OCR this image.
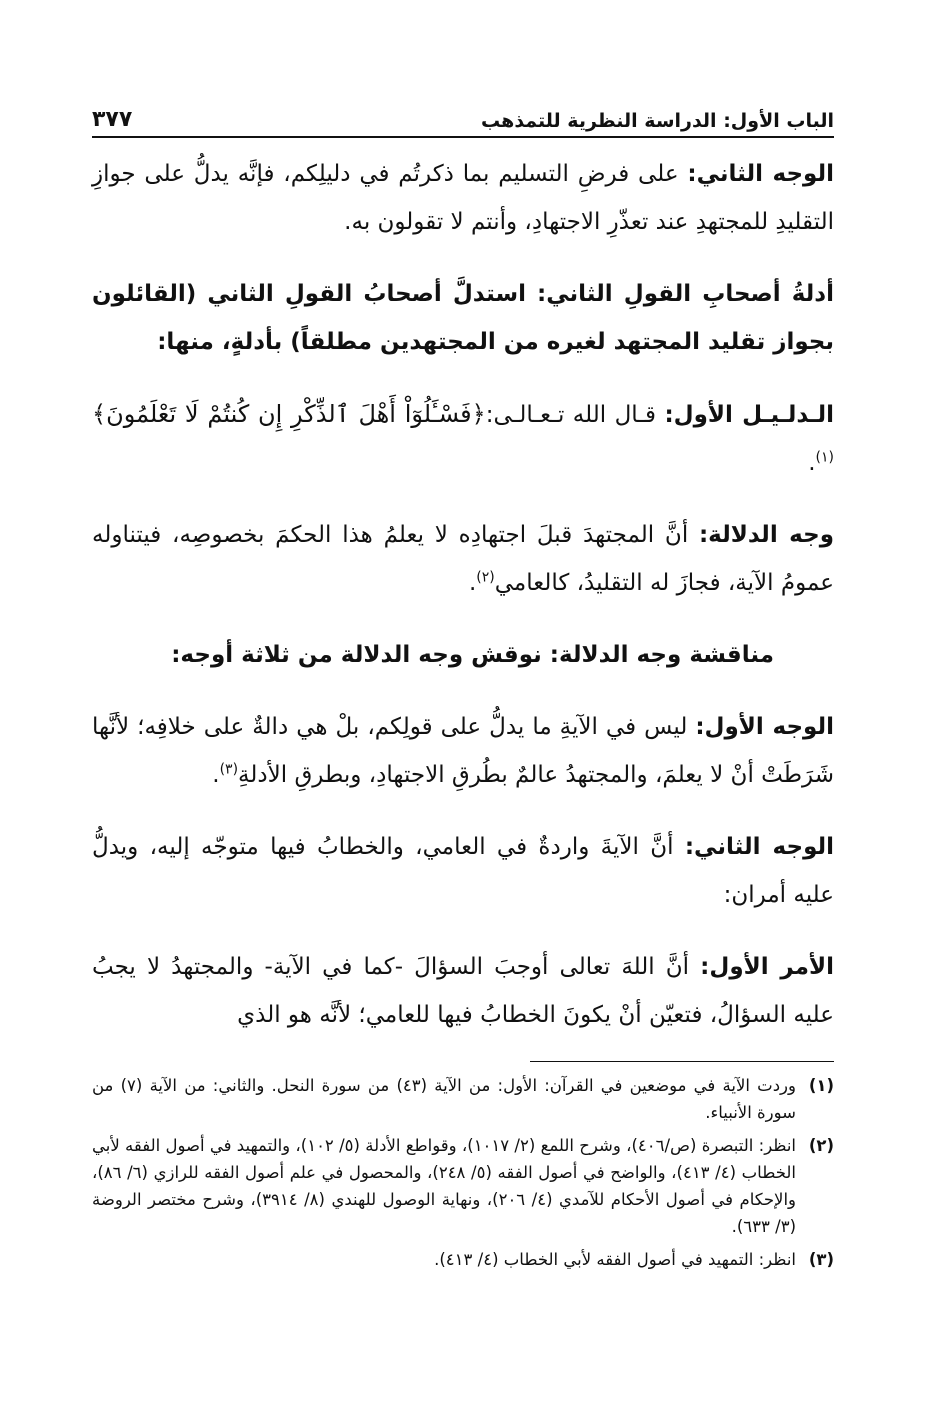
الباب الأول: الدراسة النظرية للتمذهب
٣٧٧

الوجه الثاني: على فرضِ التسليم بما ذكرتُم في دليلِكم، فإنَّه يدلُّ على جوازِ التقليدِ للمجتهدِ عند تعذّرِ الاجتهادِ، وأنتم لا تقولون به.

أدلةُ أصحابِ القولِ الثاني: استدلَّ أصحابُ القولِ الثاني (القائلون بجواز تقليد المجتهد لغيره من المجتهدين مطلقاً) بأدلةٍ، منها:

الـدلـيـل الأول: قـال الله تـعـالـى:﴿فَسْـَٔلُوٓاْ أَهْلَ ٱلذِّكْرِ إِن كُنتُمْ لَا تَعْلَمُونَ﴾$^{(١)}$.

وجه الدلالة: أنَّ المجتهدَ قبلَ اجتهادِه لا يعلمُ هذا الحكمَ بخصوصِه، فيتناوله عمومُ الآية، فجازَ له التقليدُ، كالعامي$^{(٢)}$.

مناقشة وجه الدلالة: نوقش وجه الدلالة من ثلاثة أوجه:

الوجه الأول: ليس في الآيةِ ما يدلُّ على قولِكم، بلْ هي دالةٌ على خلافِه؛ لأنَّها شَرَطَتْ أنْ لا يعلمَ، والمجتهدُ عالمٌ بطُرقِ الاجتهادِ، وبطرقِ الأدلةِ$^{(٣)}$.

الوجه الثاني: أنَّ الآيةَ واردةٌ في العامي، والخطابُ فيها متوجّه إليه، ويدلُّ عليه أمران:

الأمر الأول: أنَّ اللهَ تعالى أوجبَ السؤالَ -كما في الآية- والمجتهدُ لا يجبُ عليه السؤالُ، فتعيّن أنْ يكونَ الخطابُ فيها للعامي؛ لأنَّه هو الذي

(١)
وردت الآية في موضعين في القرآن: الأول: من الآية (٤٣) من سورة النحل. والثاني: من الآية (٧) من سورة الأنبياء.
(٢)
انظر: التبصرة (ص/٤٠٦)، وشرح اللمع (٢/ ١٠١٧)، وقواطع الأدلة (٥/ ١٠٢)، والتمهيد في أصول الفقه لأبي الخطاب (٤/ ٤١٣)، والواضح في أصول الفقه (٥/ ٢٤٨)، والمحصول في علم أصول الفقه للرازي (٦/ ٨٦)، والإحكام في أصول الأحكام للآمدي (٤/ ٢٠٦)، ونهاية الوصول للهندي (٨/ ٣٩١٤)، وشرح مختصر الروضة (٣/ ٦٣٣).
(٣)
انظر: التمهيد في أصول الفقه لأبي الخطاب (٤/ ٤١٣).
